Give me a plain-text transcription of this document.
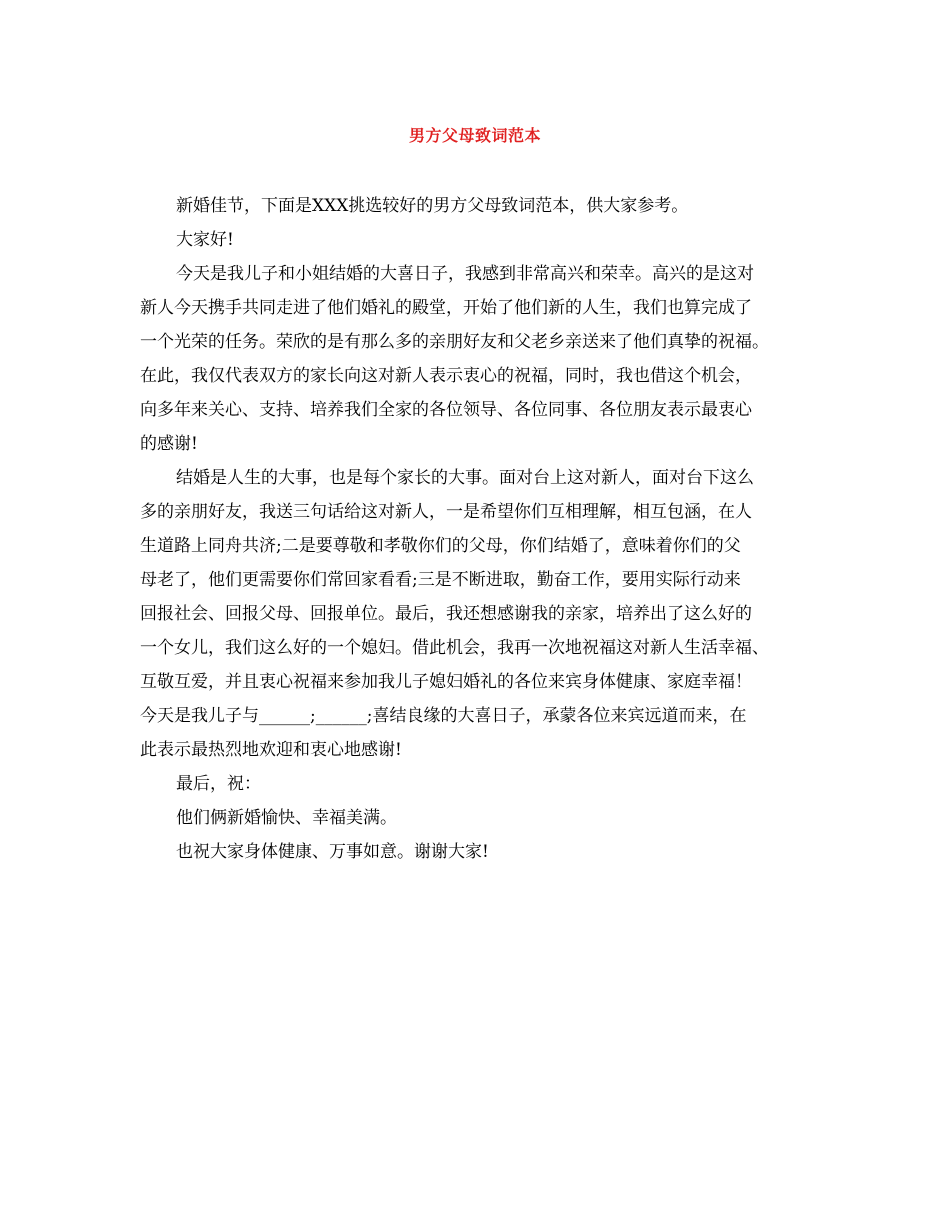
男方父母致词范本
新婚佳节，下面是XXX挑选较好的男方父母致词范本，供大家参考。
大家好!
今天是我儿子和小姐结婚的大喜日子，我感到非常高兴和荣幸。高兴的是这对
新人今天携手共同走进了他们婚礼的殿堂，开始了他们新的人生，我们也算完成了
一个光荣的任务。荣欣的是有那么多的亲朋好友和父老乡亲送来了他们真挚的祝福。
在此，我仅代表双方的家长向这对新人表示衷心的祝福，同时，我也借这个机会，
向多年来关心、支持、培养我们全家的各位领导、各位同事、各位朋友表示最衷心
的感谢!
结婚是人生的大事，也是每个家长的大事。面对台上这对新人，面对台下这么
多的亲朋好友，我送三句话给这对新人，一是希望你们互相理解，相互包涵，在人
生道路上同舟共济;二是要尊敬和孝敬你们的父母，你们结婚了，意味着你们的父
母老了，他们更需要你们常回家看看;三是不断进取，勤奋工作，要用实际行动来
回报社会、回报父母、回报单位。最后，我还想感谢我的亲家，培养出了这么好的
一个女儿，我们这么好的一个媳妇。借此机会，我再一次地祝福这对新人生活幸福、
互敬互爱，并且衷心祝福来参加我儿子媳妇婚礼的各位来宾身体健康、家庭幸福！
今天是我儿子与______;______;喜结良缘的大喜日子，承蒙各位来宾远道而来，在
此表示最热烈地欢迎和衷心地感谢!
最后，祝：
他们俩新婚愉快、幸福美满。
也祝大家身体健康、万事如意。谢谢大家!
